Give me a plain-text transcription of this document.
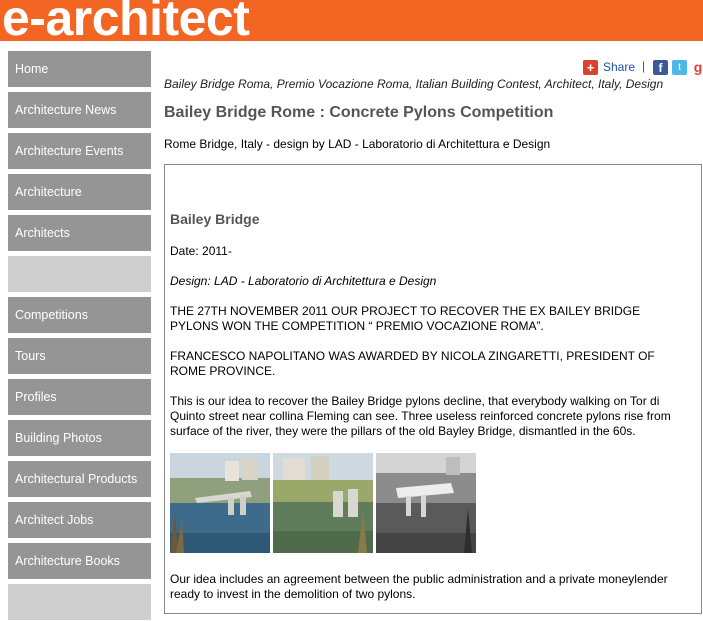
e-architect
Home
Architecture News
Architecture Events
Architecture
Architects
Competitions
Tours
Profiles
Building Photos
Architectural Products
Architect Jobs
Architecture Books
+ Share |	f	t g
Bailey Bridge Roma, Premio Vocazione Roma, Italian Building Contest, Architect, Italy, Design
Bailey Bridge Rome : Concrete Pylons Competition
Rome Bridge, Italy - design by LAD - Laboratorio di Architettura e Design
Bailey Bridge
Date: 2011-
Design: LAD - Laboratorio di Architettura e Design
THE 27TH NOVEMBER 2011 OUR PROJECT TO RECOVER THE EX BAILEY BRIDGE PYLONS WON THE COMPETITION “ PREMIO VOCAZIONE ROMA”.
FRANCESCO NAPOLITANO WAS AWARDED BY NICOLA ZINGARETTI, PRESIDENT OF ROME PROVINCE.
This is our idea to recover the Bailey Bridge pylons decline, that everybody walking on Tor di Quinto street near collina Fleming can see. Three useless reinforced concrete pylons rise from surface of the river, they were the pillars of the old Bayley Bridge, dismantled in the 60s.
Our idea includes an agreement between the public administration and a private moneylender ready to invest in the demolition of two pylons.
